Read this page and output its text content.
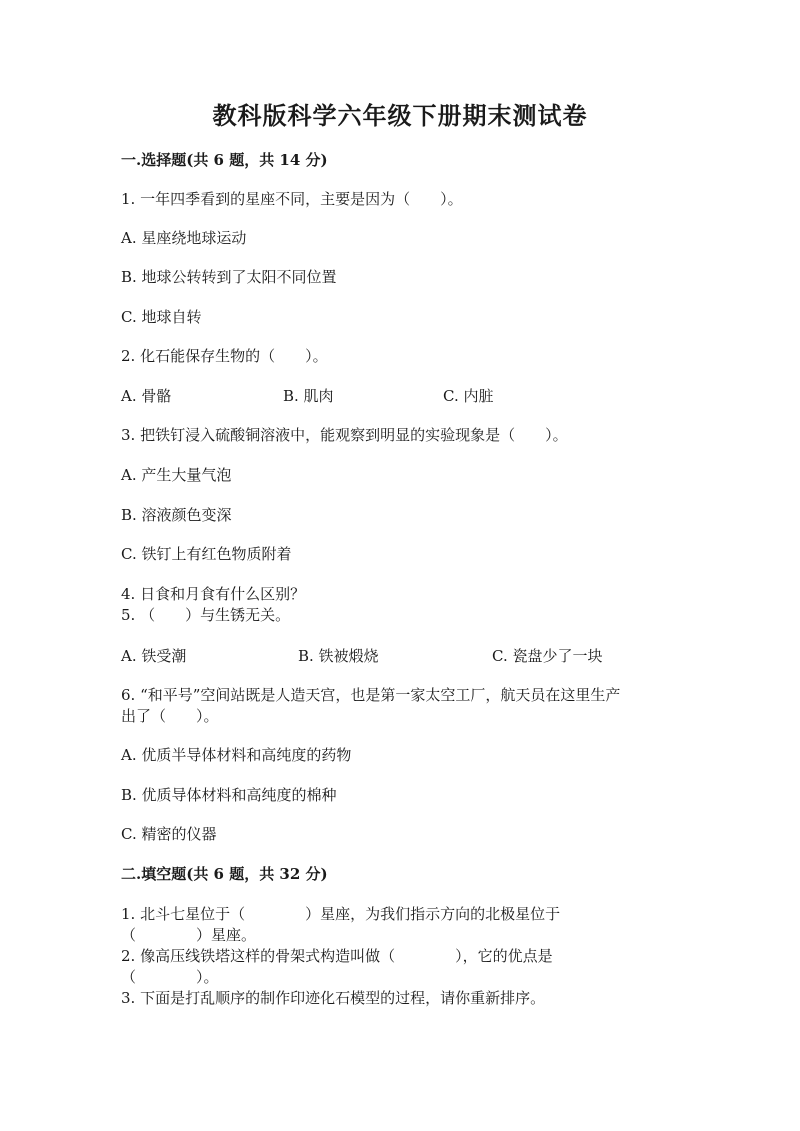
教科版科学六年级下册期末测试卷
一.选择题(共 6 题，共 14 分)
1. 一年四季看到的星座不同，主要是因为（　　）。
A. 星座绕地球运动
B. 地球公转转到了太阳不同位置
C. 地球自转
2. 化石能保存生物的（　　）。
A. 骨骼	B. 肌肉	C. 内脏
3. 把铁钉浸入硫酸铜溶液中，能观察到明显的实验现象是（　　）。
A. 产生大量气泡
B. 溶液颜色变深
C. 铁钉上有红色物质附着
4. 日食和月食有什么区别？
5. （　　）与生锈无关。
A. 铁受潮	B. 铁被煅烧	C. 瓷盘少了一块
6. “和平号”空间站既是人造天宫，也是第一家太空工厂，航天员在这里生产
出了（　　）。
A. 优质半导体材料和高纯度的药物
B. 优质导体材料和高纯度的棉种
C. 精密的仪器
二.填空题(共 6 题，共 32 分)
1. 北斗七星位于（　　　　）星座，为我们指示方向的北极星位于
（　　　　）星座。
2. 像高压线铁塔这样的骨架式构造叫做（　　　　），它的优点是
（　　　　）。
3. 下面是打乱顺序的制作印迹化石模型的过程，请你重新排序。
